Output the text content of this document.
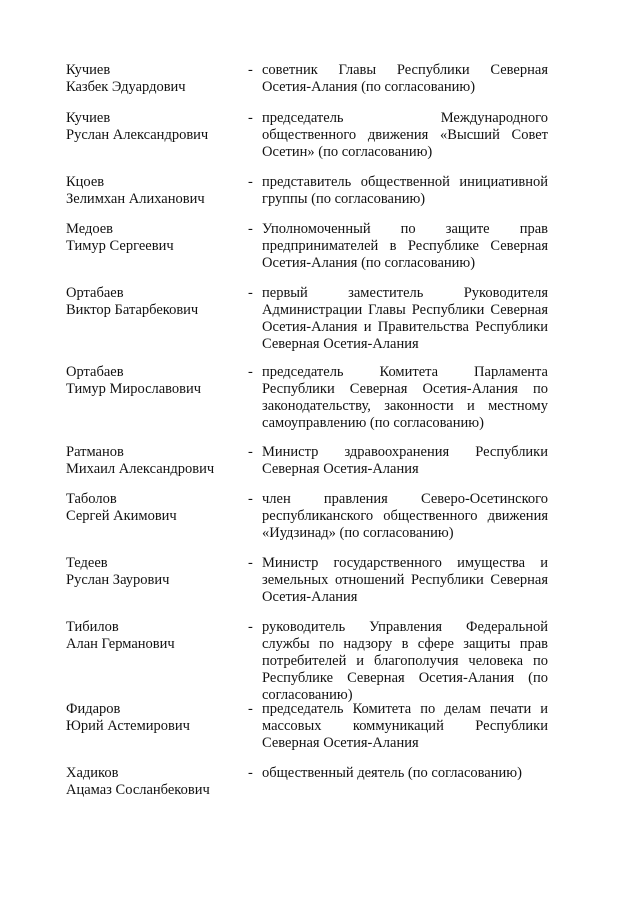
Кучиев
Казбек Эдуардович
- советник Главы Республики Северная Осетия-Алания (по согласованию)
Кучиев
Руслан Александрович
- председатель Международного общественного движения «Высший Совет Осетин» (по согласованию)
Кцоев
Зелимхан Алиханович
- представитель общественной инициативной группы (по согласованию)
Медоев
Тимур Сергеевич
- Уполномоченный по защите прав предпринимателей в Республике Северная Осетия-Алания (по согласованию)
Ортабаев
Виктор Батарбекович
- первый заместитель Руководителя Администрации Главы Республики Северная Осетия-Алания и Правительства Республики Северная Осетия-Алания
Ортабаев
Тимур Мирославович
- председатель Комитета Парламента Республики Северная Осетия-Алания по законодательству, законности и местному самоуправлению (по согласованию)
Ратманов
Михаил Александрович
- Министр здравоохранения Республики Северная Осетия-Алания
Таболов
Сергей Акимович
- член правления Северо-Осетинского республиканского общественного движения «Иудзинад» (по согласованию)
Тедеев
Руслан Заурович
- Министр государственного имущества и земельных отношений Республики Северная Осетия-Алания
Тибилов
Алан Германович
- руководитель Управления Федеральной службы по надзору в сфере защиты прав потребителей и благополучия человека по Республике Северная Осетия-Алания (по согласованию)
Фидаров
Юрий Астемирович
- председатель Комитета по делам печати и массовых коммуникаций Республики Северная Осетия-Алания
Хадиков
Ацамаз Сосланбекович
- общественный деятель (по согласованию)
